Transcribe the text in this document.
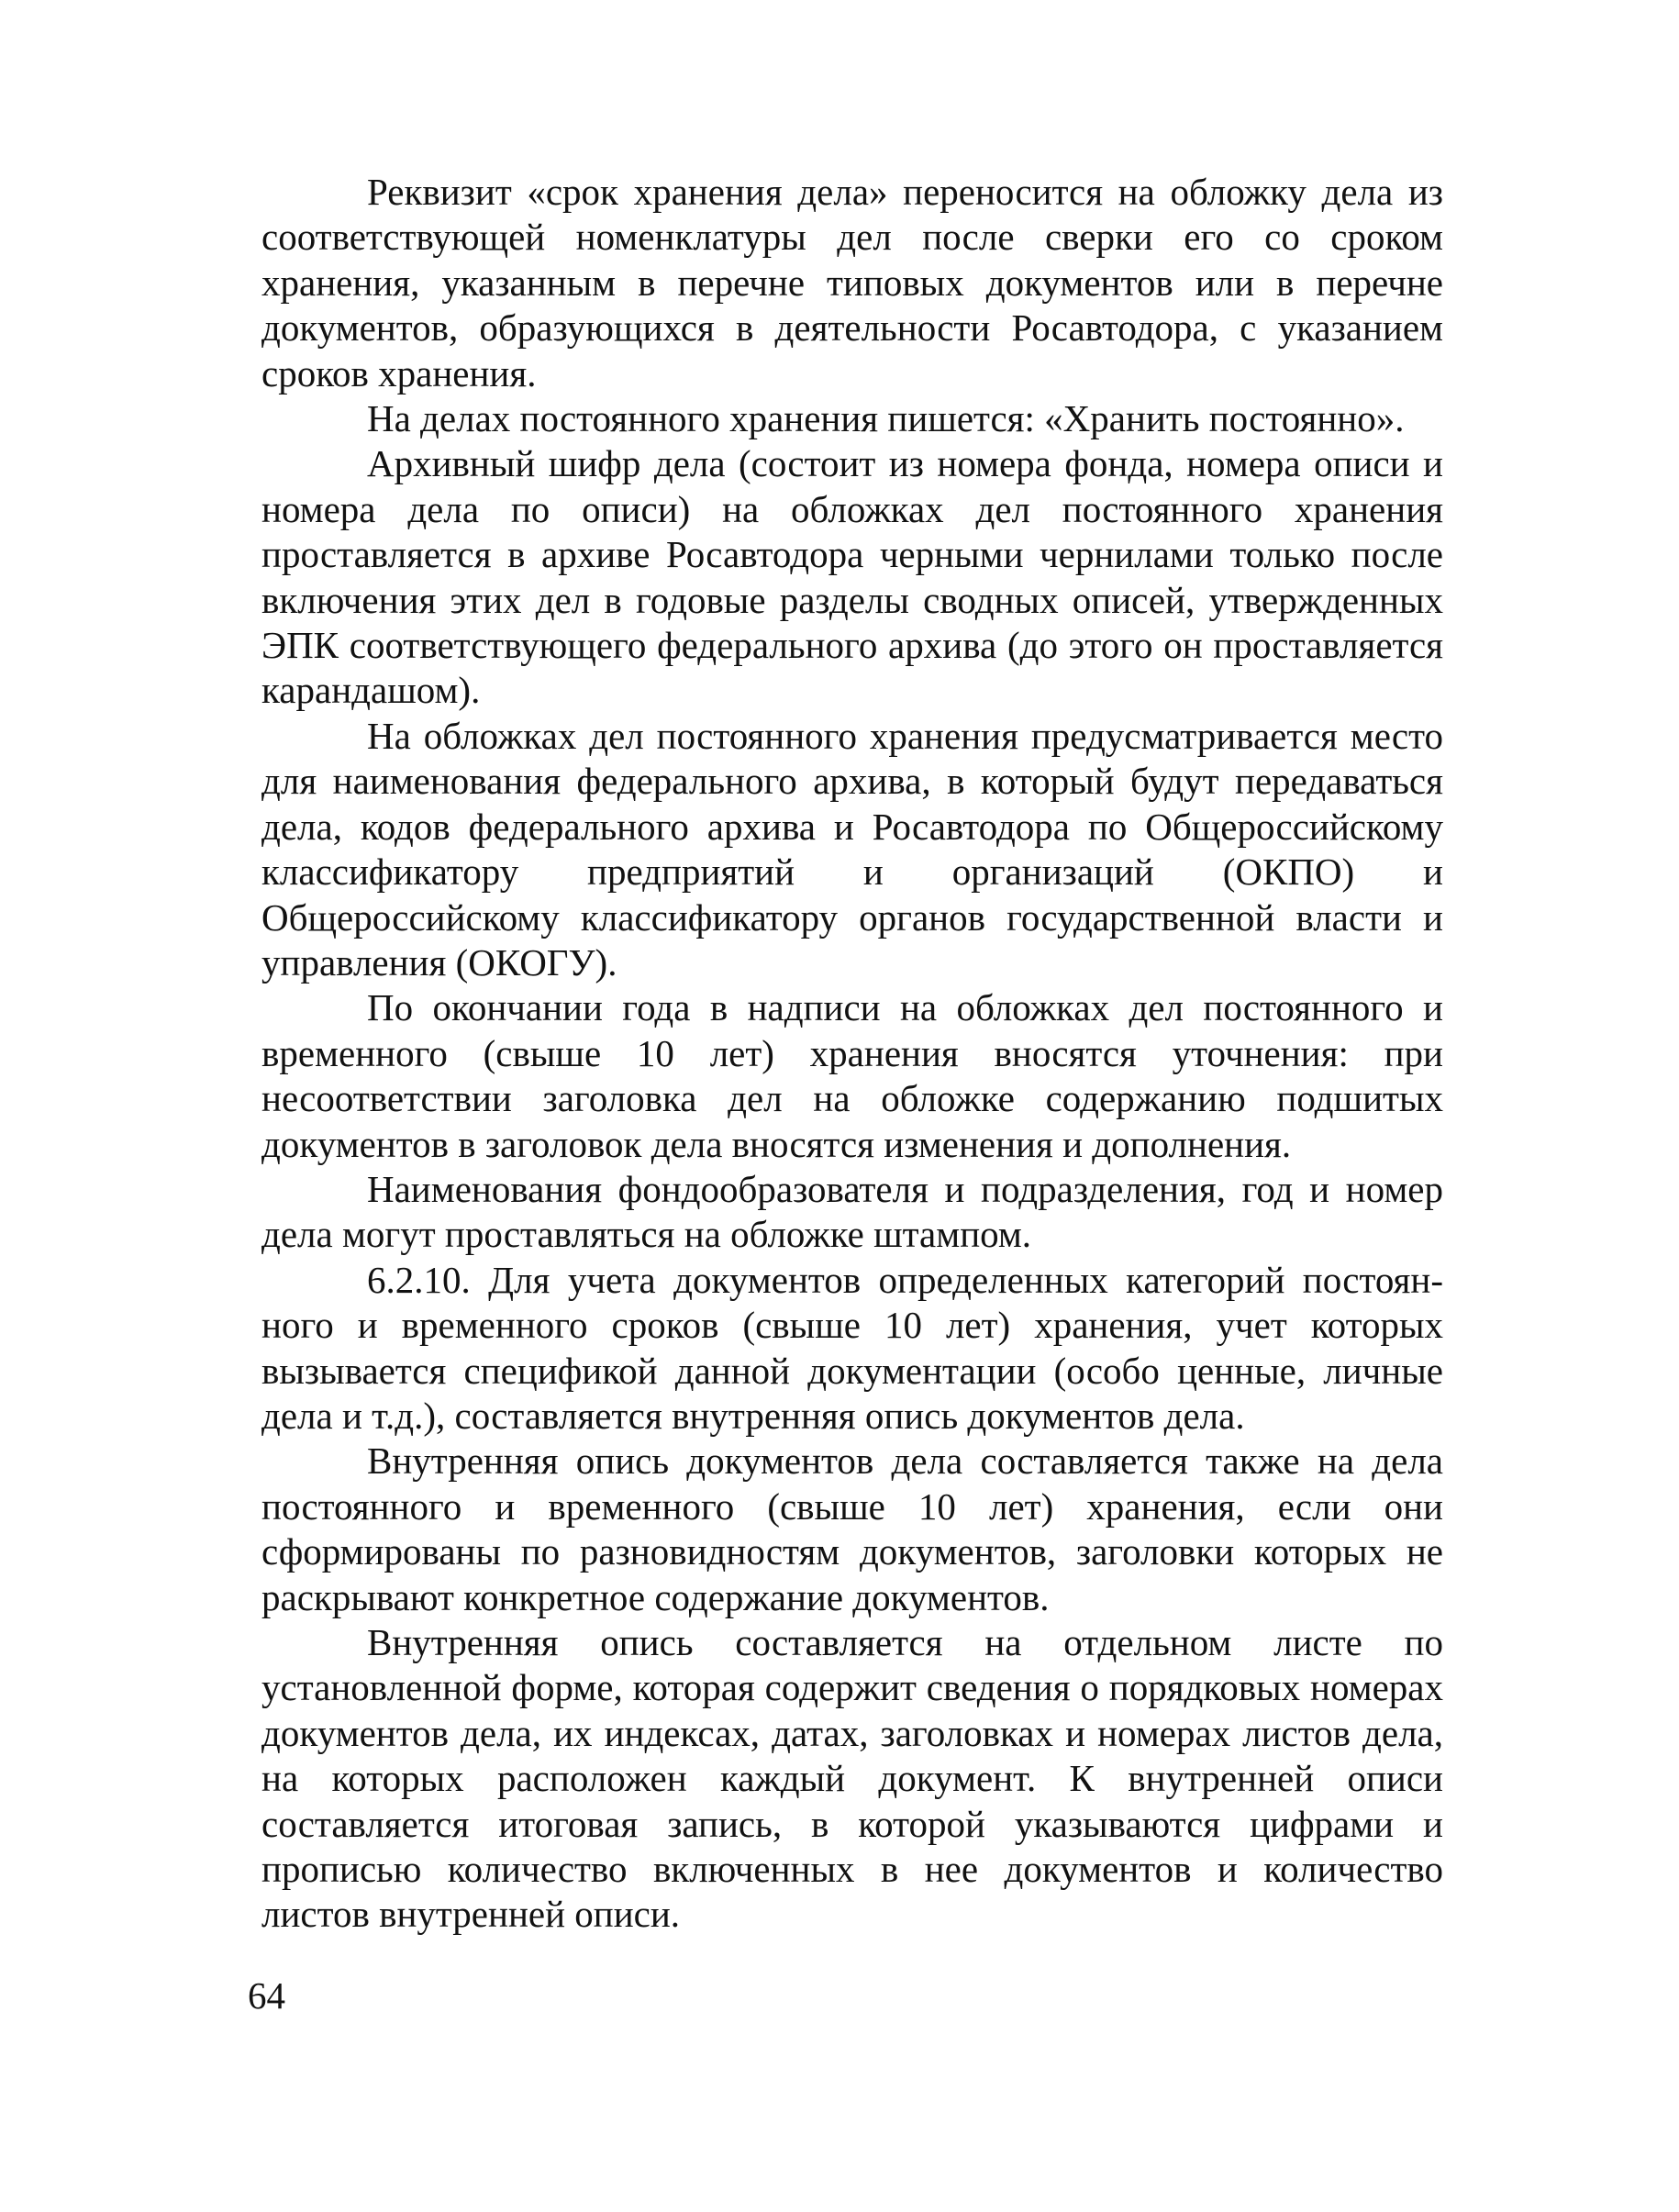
Реквизит «срок хранения дела» переносится на обложку дела из соответствующей номенклатуры дел после сверки его со сроком хранения, указанным в перечне типовых документов или в перечне документов, образующихся в деятельности Росавтодора, с указанием сроков хранения.

На делах постоянного хранения пишется: «Хранить постоянно».

Архивный шифр дела (состоит из номера фонда, номера описи и номера дела по описи) на обложках дел постоянного хранения проставляется в архиве Росавтодора черными чернилами только после включения этих дел в годовые разделы сводных описей, утвержденных ЭПК соответствующего федерального архива (до этого он проставляется карандашом).

На обложках дел постоянного хранения предусматривается место для наименования федерального архива, в который будут передаваться дела, кодов федерального архива и Росавтодора по Общероссийскому классификатору предприятий и организаций (ОКПО) и Общероссийскому классификатору органов государственной власти и управления (ОКОГУ).

По окончании года в надписи на обложках дел постоянного и временного (свыше 10 лет) хранения вносятся уточнения: при несоответствии заголовка дел на обложке содержанию подшитых документов в заголовок дела вносятся изменения и дополнения.

Наименования фондообразователя и подразделения, год и номер дела могут проставляться на обложке штампом.

6.2.10. Для учета документов определенных категорий постоянного и временного сроков (свыше 10 лет) хранения, учет которых вызывается спецификой данной документации (особо ценные, личные дела и т.д.), составляется внутренняя опись документов дела.

Внутренняя опись документов дела составляется также на дела постоянного и временного (свыше 10 лет) хранения, если они сформированы по разновидностям документов, заголовки которых не раскрывают конкретное содержание документов.

Внутренняя опись составляется на отдельном листе по установленной форме, которая содержит сведения о порядковых номерах документов дела, их индексах, датах, заголовках и номерах листов дела, на которых расположен каждый документ. К внутренней описи составляется итоговая запись, в которой указываются цифрами и прописью количество включенных в нее документов и количество листов внутренней описи.

64
